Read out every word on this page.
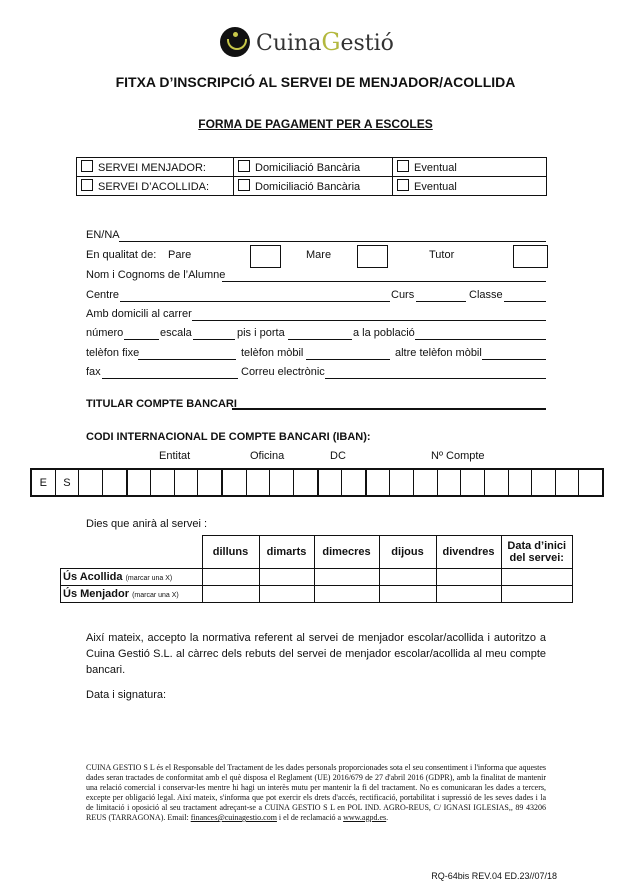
CuinaGestió
FITXA D’INSCRIPCIÓ AL SERVEI DE MENJADOR/ACOLLIDA
FORMA DE PAGAMENT PER A ESCOLES
SERVEI MENJADOR:	Domiciliació Bancària	Eventual
SERVEI D’ACOLLIDA:	Domiciliació Bancària	Eventual
EN/NA
En qualitat de: Pare	Mare	Tutor
Nom i Cognoms de l’Alumne
Centre	Curs	Classe
Amb domicili al carrer
número	escala	pis i porta	a la població
telèfon fixe	telèfon mòbil	altre telèfon mòbil
fax	Correu electrònic
TITULAR COMPTE BANCARI
CODI INTERNACIONAL DE COMPTE BANCARI (IBAN):
Entitat	Oficina	DC	Nº Compte
E	S
Dies que anirà al servei :
	dilluns	dimarts	dimecres	dijous	divendres	Data d’inici del servei:
Ús Acollida (marcar una X)						
Ús Menjador (marcar una X)						
Així mateix, accepto la normativa referent al servei de menjador escolar/acollida i autoritzo a Cuina Gestió S.L. al càrrec dels rebuts del servei de menjador escolar/acollida al meu compte bancari.
Data i signatura:
CUINA GESTIO S L és el Responsable del Tractament de les dades personals proporcionades sota el seu consentiment i l'informa que aquestes dades seran tractades de conformitat amb el què disposa el Reglament (UE) 2016/679 de 27 d'abril 2016 (GDPR), amb la finalitat de mantenir una relació comercial i conservar-les mentre hi hagi un interès mutu per mantenir la fi del tractament. No es comunicaran les dades a tercers, excepte per obligació legal. Així mateix, s'informa que pot exercir els drets d'accés, rectificació, portabilitat i supressió de les seves dades i la de limitació i oposició al seu tractament adreçant-se a CUINA GESTIO S L en POL IND. AGRO-REUS, C/ IGNASI IGLESIAS,, 89 43206 REUS (TARRAGONA). Email: finances@cuinagestio.com i el de reclamació a www.agpd.es.
RQ-64bis REV.04 ED.23//07/18
